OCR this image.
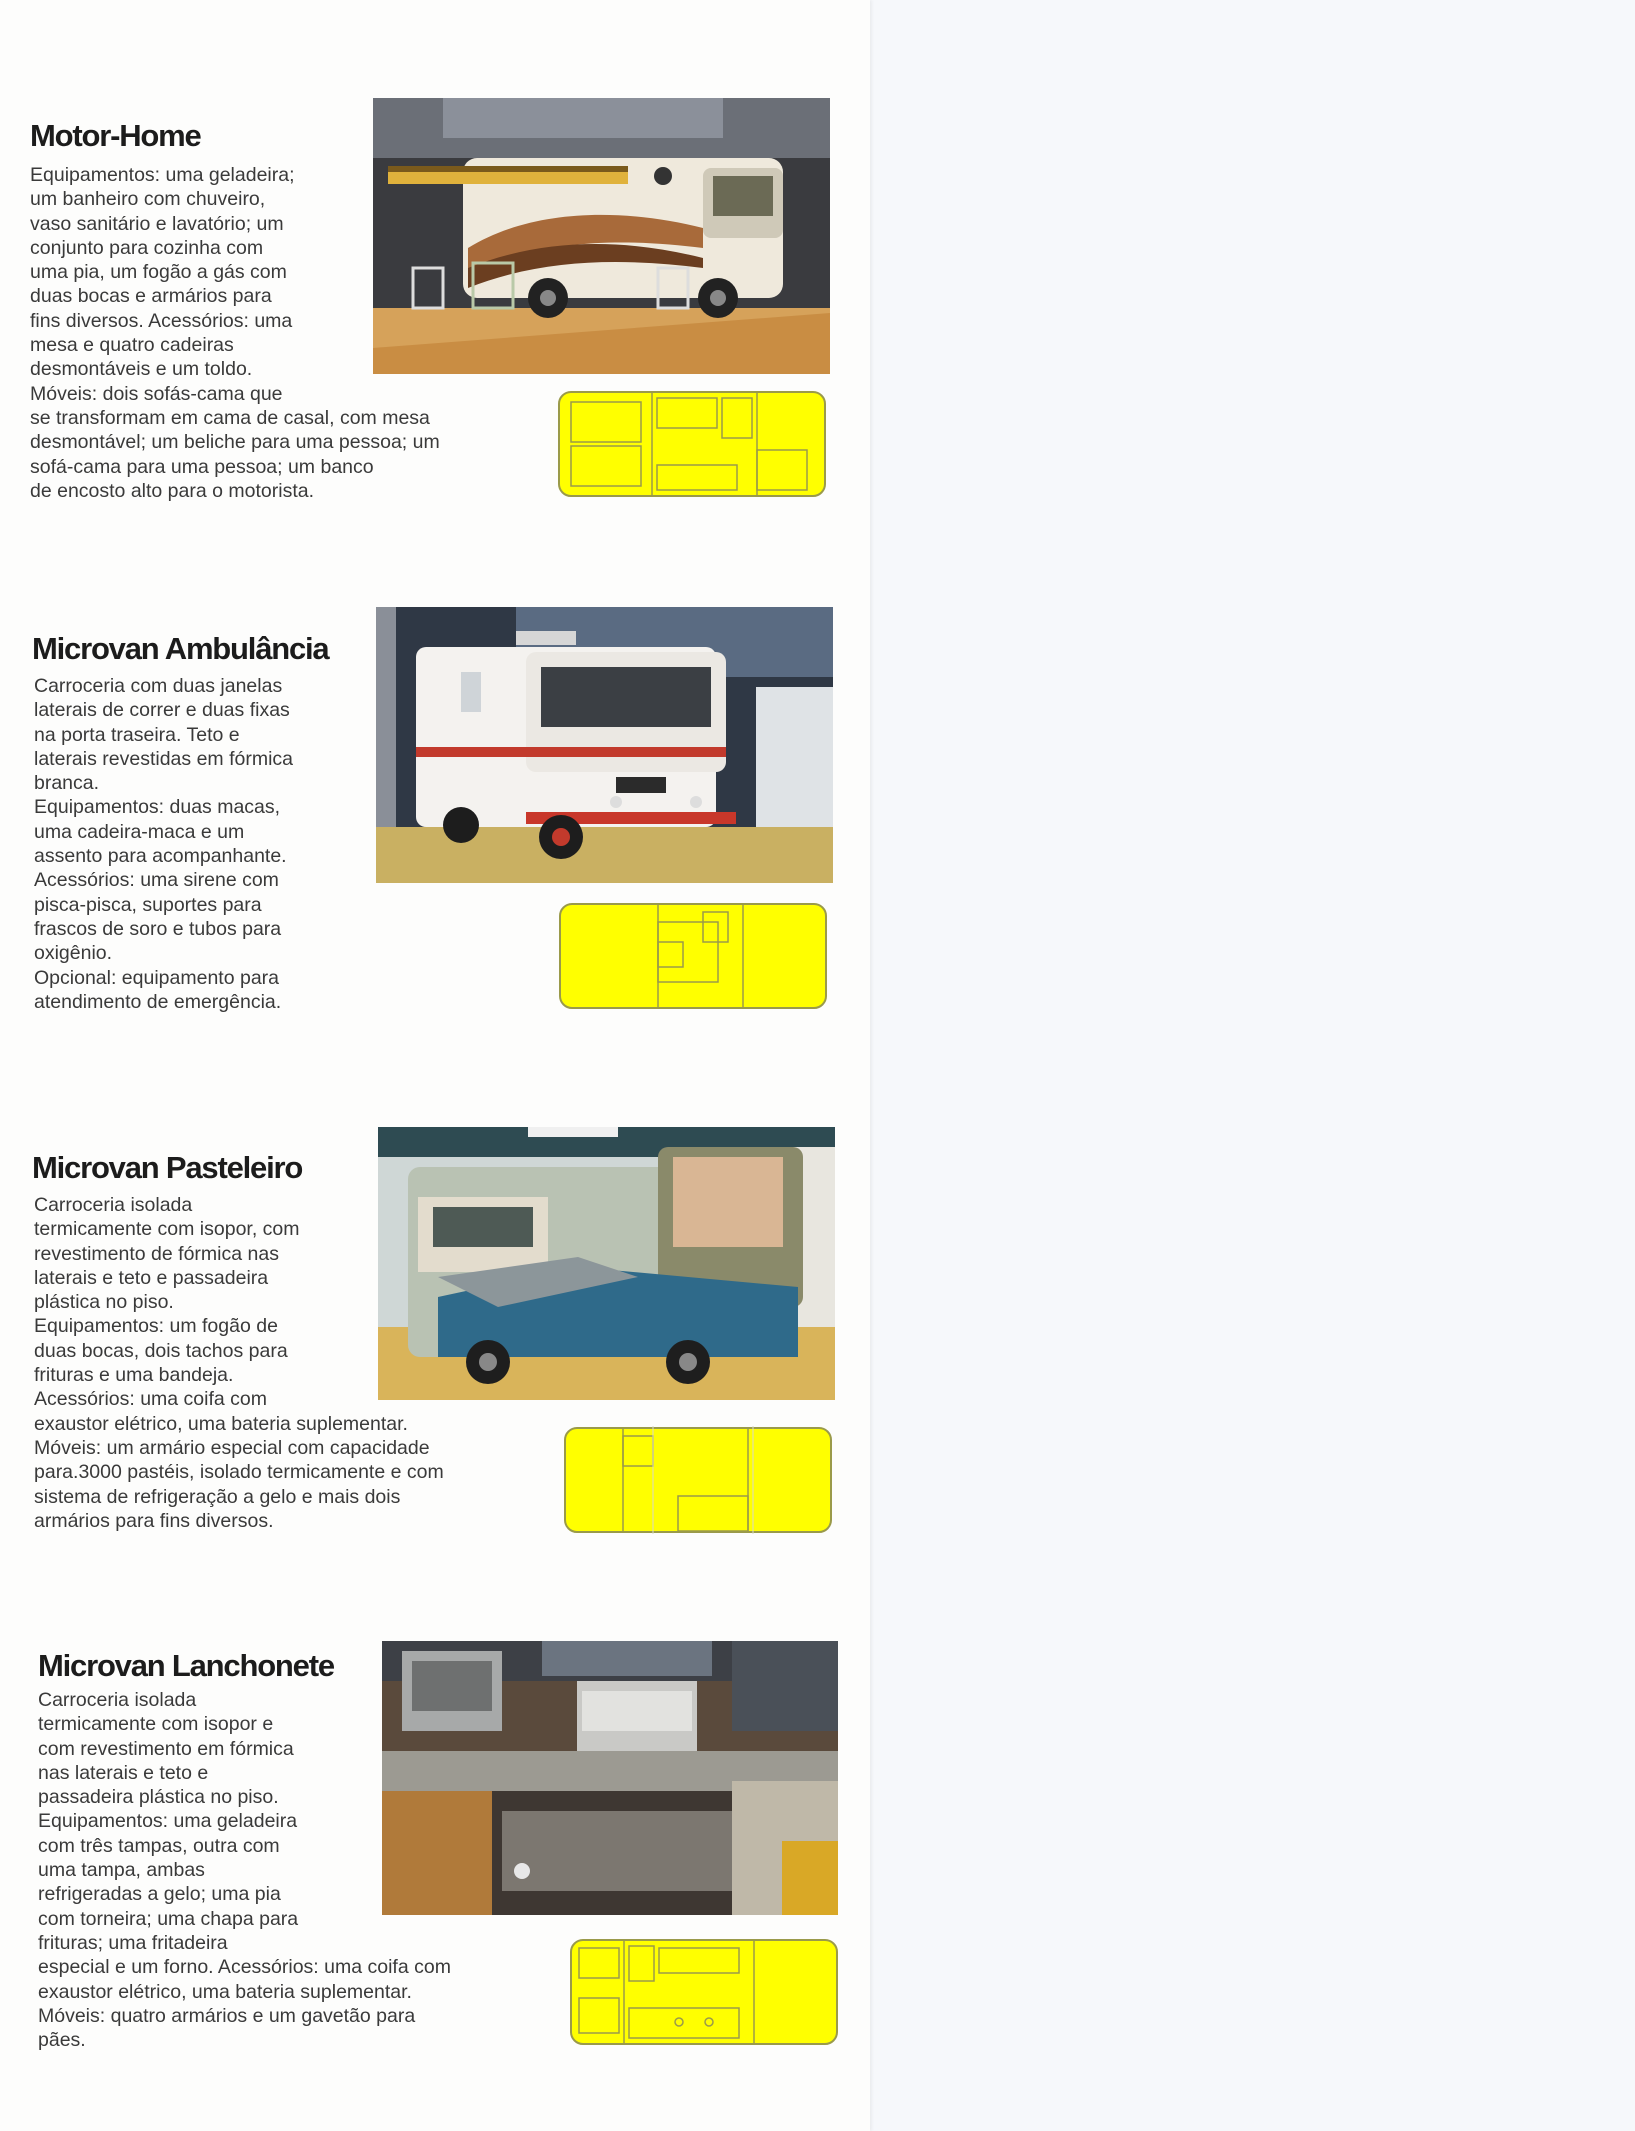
Motor-Home
Equipamentos: uma geladeira;
um banheiro com chuveiro,
vaso sanitário e lavatório; um
conjunto para cozinha com
uma pia, um fogão a gás com
duas bocas e armários para
fins diversos. Acessórios: uma
mesa e quatro cadeiras
desmontáveis e um toldo.
Móveis: dois sofás-cama que
se transformam em cama de casal, com mesa
desmontável; um beliche para uma pessoa; um
sofá-cama para uma pessoa; um banco
de encosto alto para o motorista.
Microvan Ambulância
Carroceria com duas janelas
laterais de correr e duas fixas
na porta traseira. Teto e
laterais revestidas em fórmica
branca.
Equipamentos: duas macas,
uma cadeira-maca e um
assento para acompanhante.
Acessórios: uma sirene com
pisca-pisca, suportes para
frascos de soro e tubos para
oxigênio.
Opcional: equipamento para
atendimento de emergência.
Microvan Pasteleiro
Carroceria isolada
termicamente com isopor, com
revestimento de fórmica nas
laterais e teto e passadeira
plástica no piso.
Equipamentos: um fogão de
duas bocas, dois tachos para
frituras e uma bandeja.
Acessórios: uma coifa com
exaustor elétrico, uma bateria suplementar.
Móveis: um armário especial com capacidade
para.3000 pastéis, isolado termicamente e com
sistema de refrigeração a gelo e mais dois
armários para fins diversos.
Microvan Lanchonete
Carroceria isolada
termicamente com isopor e
com revestimento em fórmica
nas laterais e teto e
passadeira plástica no piso.
Equipamentos: uma geladeira
com três tampas, outra com
uma tampa, ambas
refrigeradas a gelo; uma pia
com torneira; uma chapa para
frituras; uma fritadeira
especial e um forno. Acessórios: uma coifa com
exaustor elétrico, uma bateria suplementar.
Móveis: quatro armários e um gavetão para
pães.
